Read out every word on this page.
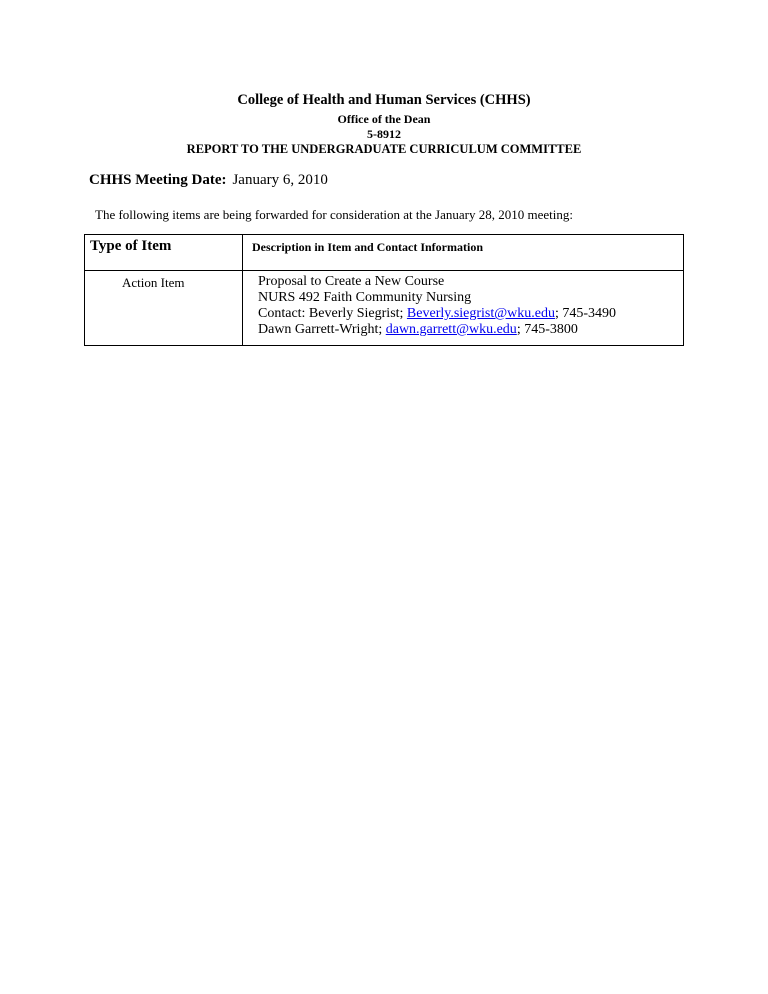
College of Health and Human Services (CHHS)
Office of the Dean
5-8912
REPORT TO THE UNDERGRADUATE CURRICULUM COMMITTEE
CHHS Meeting Date: January 6, 2010
The following items are being forwarded for consideration at the January 28, 2010 meeting:
Type of Item	Description in Item and Contact Information
Action Item	Proposal to Create a New Course
NURS 492 Faith Community Nursing
Contact: Beverly Siegrist; Beverly.siegrist@wku.edu; 745-3490
Dawn Garrett-Wright; dawn.garrett@wku.edu; 745-3800
